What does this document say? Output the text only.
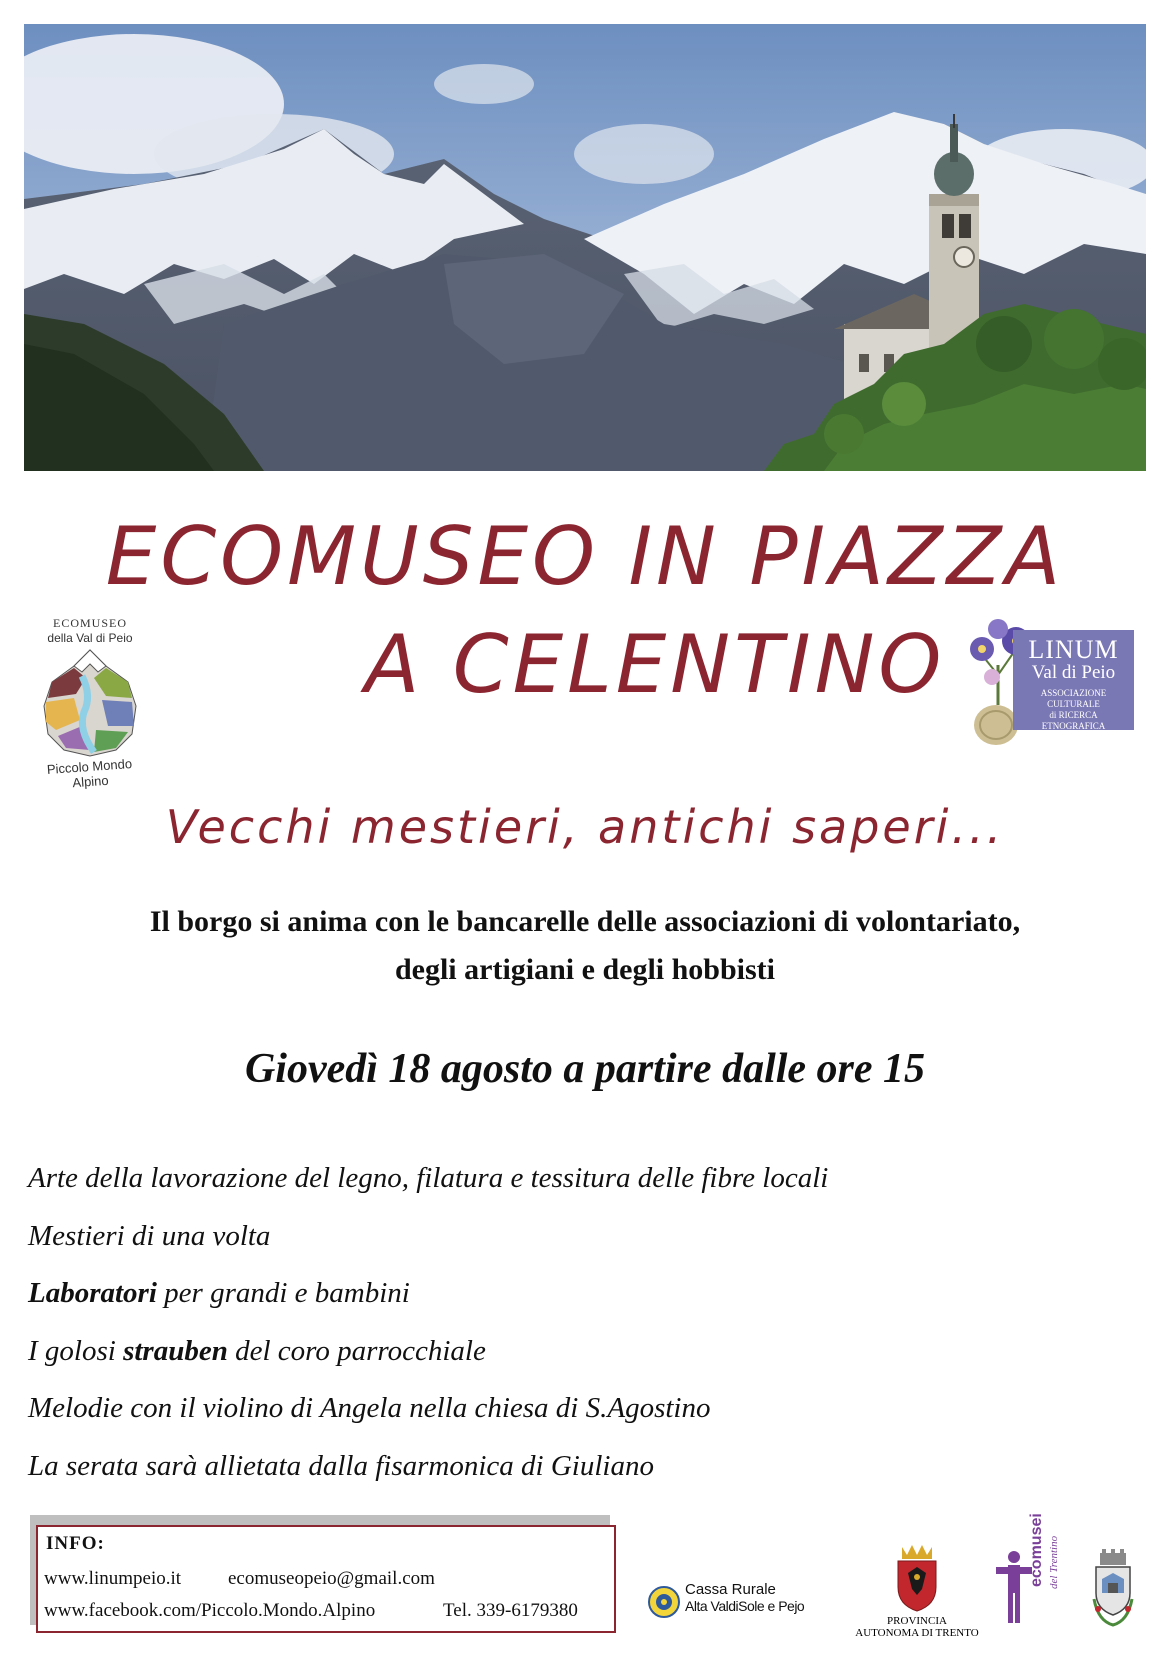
ECOMUSEO IN PIAZZA
A CELENTINO
ECOMUSEO
della Val di Peio
Piccolo Mondo Alpino
LINUM
Val di Peio
ASSOCIAZIONE CULTURALE
di RICERCA ETNOGRAFICA
Vecchi mestieri, antichi saperi...
Il borgo si anima con le bancarelle delle associazioni di volontariato,
degli artigiani e degli hobbisti
Giovedì 18 agosto a partire dalle ore 15
Arte della lavorazione del legno, filatura e tessitura delle fibre locali
Mestieri di una volta
Laboratori per grandi e bambini
I golosi strauben del coro parrocchiale
Melodie con il violino di Angela nella chiesa di S.Agostino
La serata sarà allietata dalla fisarmonica di Giuliano
INFO:
www.linumpeio.it ecomuseopeio@gmail.com
www.facebook.com/Piccolo.Mondo.Alpino	Tel. 339-6179380
Cassa Rurale
Alta ValdiSole e Pejo
PROVINCIA
AUTONOMA DI TRENTO
ecomusei del Trentino
